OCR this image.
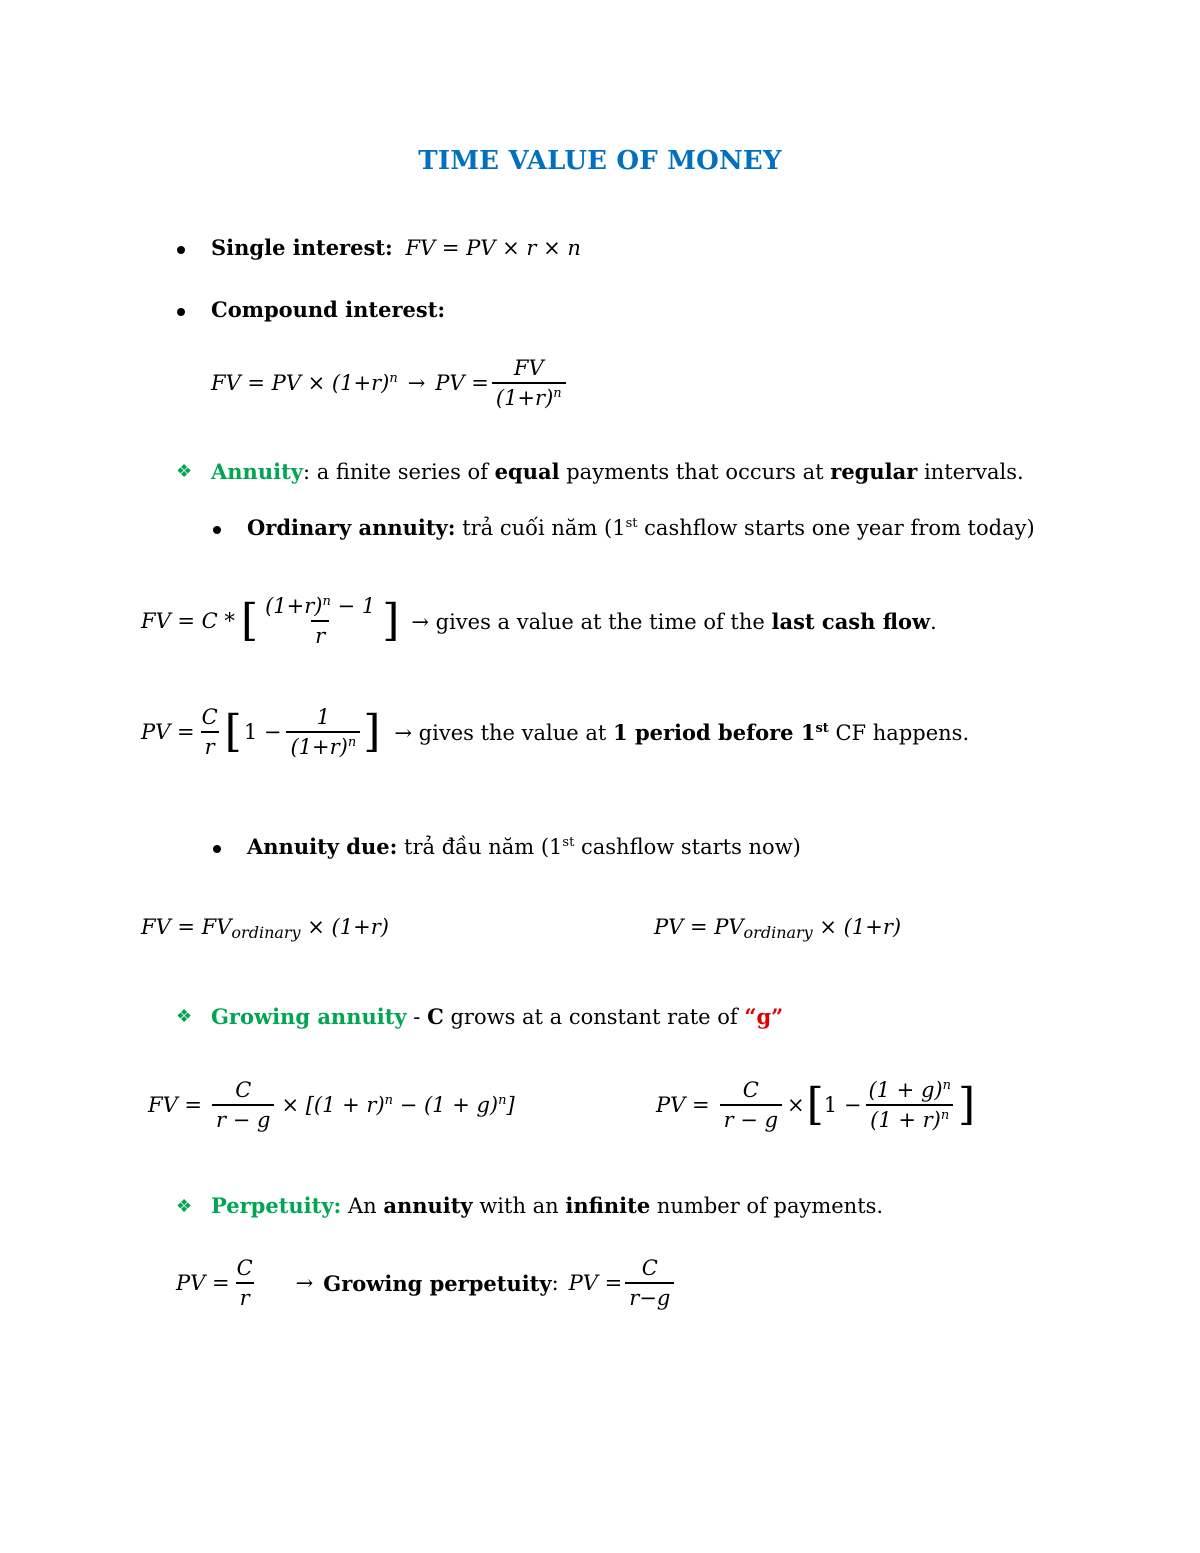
TIME VALUE OF MONEY
Single interest: FV = PV × r × n
Compound interest:
FV = PV × $(1+r)^n$ → PV = $\frac{FV}{(1+r)^n}$
❖ Annuity: a finite series of equal payments that occurs at regular intervals.
Ordinary annuity: trả cuối năm (1st cashflow starts one year from today)
FV = C * [ $\frac{(1+r)^n - 1}{r}$ ] → gives a value at the time of the last cash flow.
PV = $\frac{C}{r}$ [ $1 - \frac{1}{(1+r)^n}$ ] → gives the value at 1 period before 1st CF happens.
Annuity due: trả đầu năm (1st cashflow starts now)
FV = $FV_{ordinary} \times (1+r)$	PV = $PV_{ordinary} \times (1+r)$
❖ Growing annuity - C grows at a constant rate of “g”
FV = $\frac{C}{r - g} \times [(1 + r)^n - (1 + g)^n]$	PV = $\frac{C}{r - g}$ × [ $1 - \frac{(1 + g)^n}{(1 + r)^n}$ ]
❖ Perpetuity: An annuity with an infinite number of payments.
PV = $\frac{C}{r}$ → Growing perpetuity : PV = $\frac{C}{r-g}$
